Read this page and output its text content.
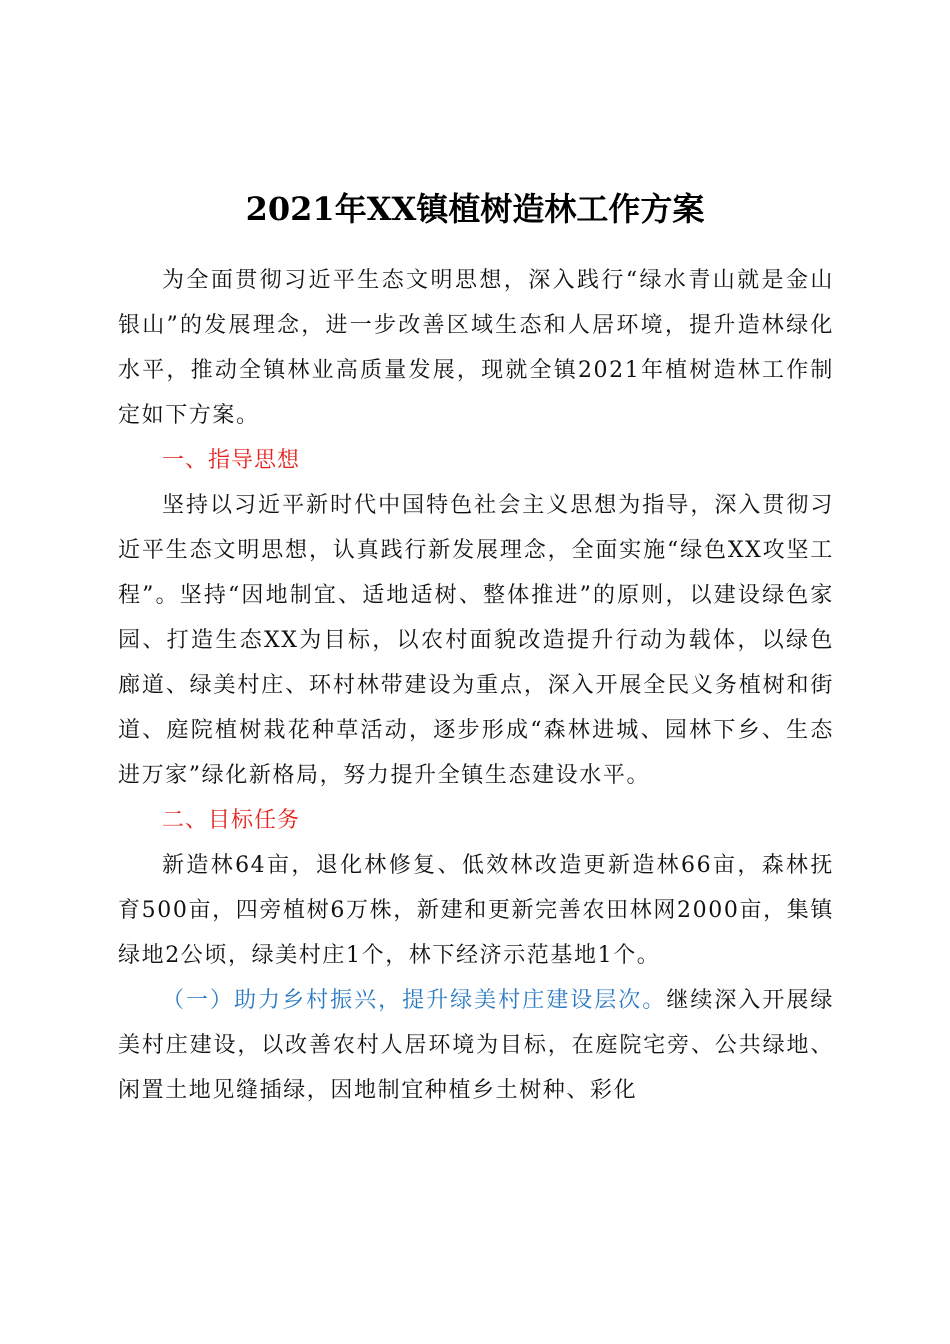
2021年XX镇植树造林工作方案

为全面贯彻习近平生态文明思想，深入践行“绿水青山就是金山银山”的发展理念，进一步改善区域生态和人居环境，提升造林绿化水平，推动全镇林业高质量发展，现就全镇2021年植树造林工作制定如下方案。

一、指导思想

坚持以习近平新时代中国特色社会主义思想为指导，深入贯彻习近平生态文明思想，认真践行新发展理念，全面实施“绿色XX攻坚工程”。坚持“因地制宜、适地适树、整体推进”的原则，以建设绿色家园、打造生态XX为目标，以农村面貌改造提升行动为载体，以绿色廊道、绿美村庄、环村林带建设为重点，深入开展全民义务植树和街道、庭院植树栽花种草活动，逐步形成“森林进城、园林下乡、生态进万家”绿化新格局，努力提升全镇生态建设水平。

二、目标任务

新造林64亩，退化林修复、低效林改造更新造林66亩，森林抚育500亩，四旁植树6万株，新建和更新完善农田林网2000亩，集镇绿地2公顷，绿美村庄1个，林下经济示范基地1个。

（一）助力乡村振兴，提升绿美村庄建设层次。继续深入开展绿美村庄建设，以改善农村人居环境为目标，在庭院宅旁、公共绿地、闲置土地见缝插绿，因地制宜种植乡土树种、彩化
